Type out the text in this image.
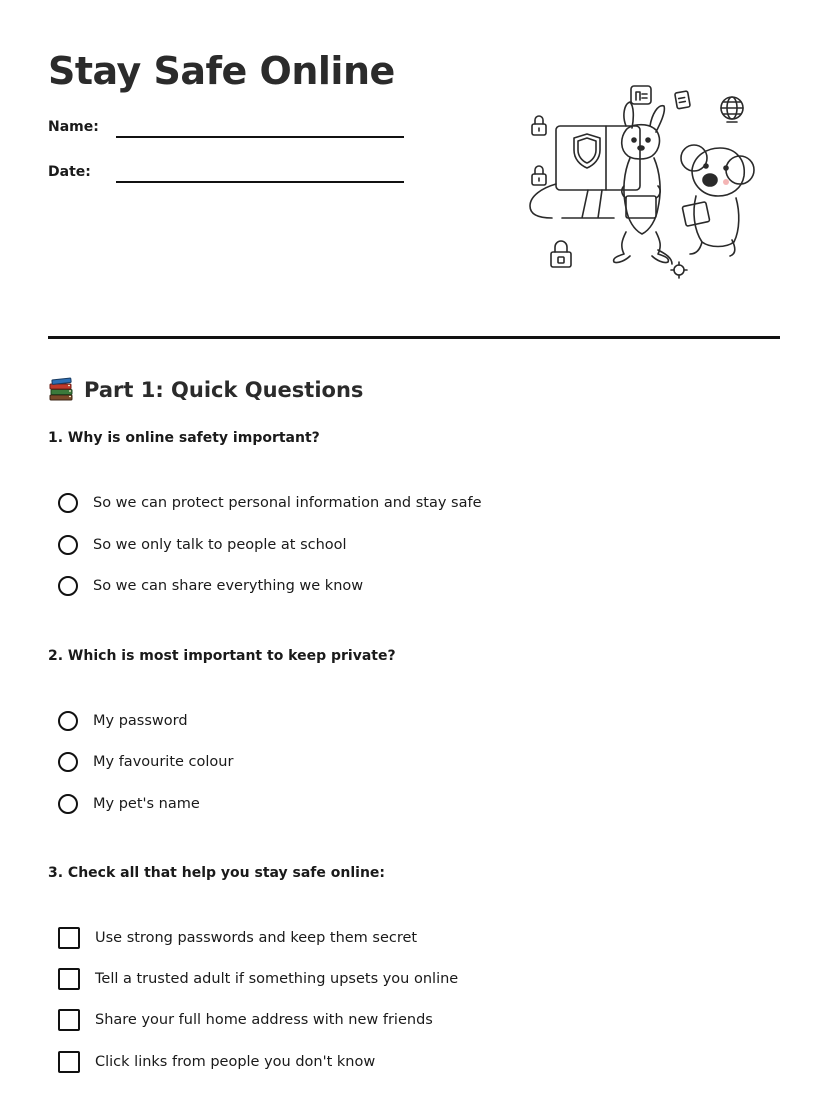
Stay Safe Online
Name:
Date:
Part 1: Quick Questions

1. Why is online safety important?

So we can protect personal information and stay safe
So we only talk to people at school
So we can share everything we know

2. Which is most important to keep private?

My password
My favourite colour
My pet's name

3. Check all that help you stay safe online:

Use strong passwords and keep them secret
Tell a trusted adult if something upsets you online
Share your full home address with new friends
Click links from people you don't know
